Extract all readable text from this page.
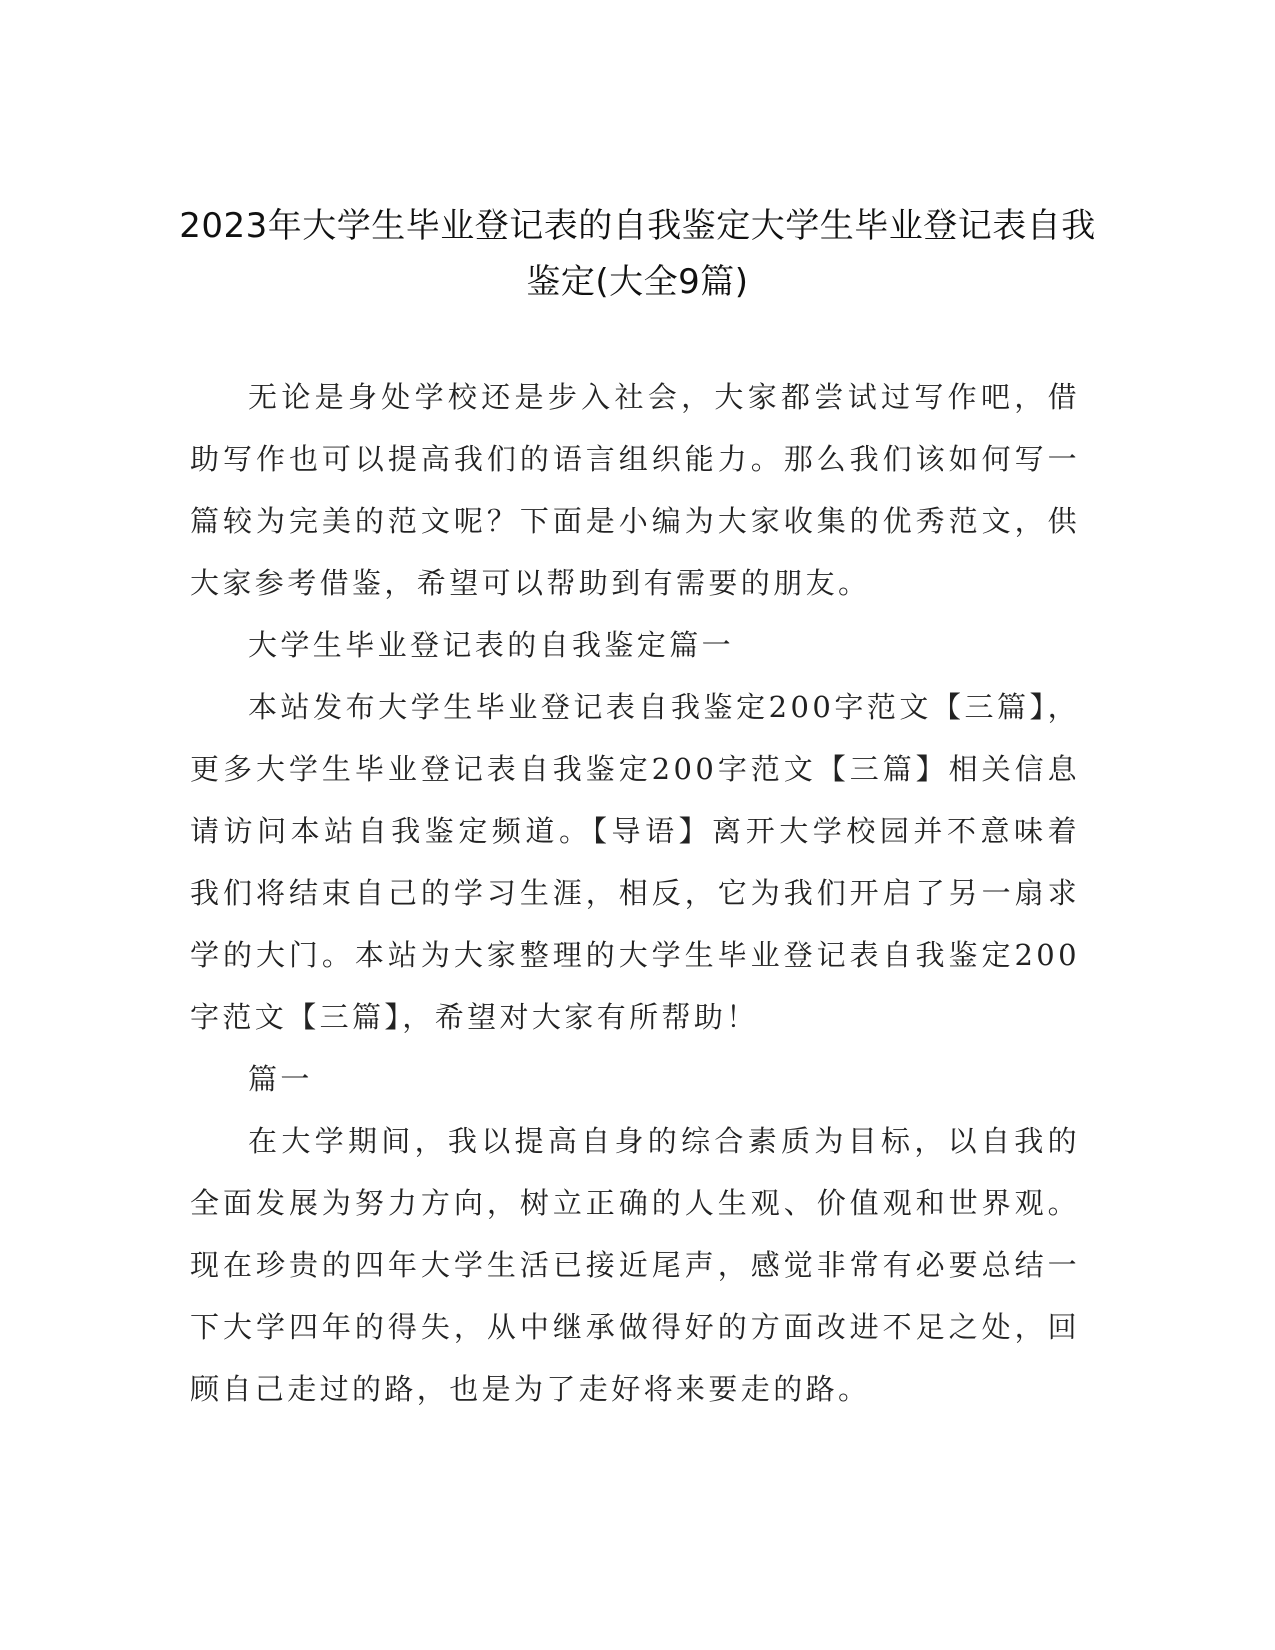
2023年大学生毕业登记表的自我鉴定大学生毕业登记表自我鉴定(大全9篇)

无论是身处学校还是步入社会，大家都尝试过写作吧，借助写作也可以提高我们的语言组织能力。那么我们该如何写一篇较为完美的范文呢？下面是小编为大家收集的优秀范文，供大家参考借鉴，希望可以帮助到有需要的朋友。

大学生毕业登记表的自我鉴定篇一

本站发布大学生毕业登记表自我鉴定200字范文【三篇】，更多大学生毕业登记表自我鉴定200字范文【三篇】相关信息请访问本站自我鉴定频道。【导语】离开大学校园并不意味着我们将结束自己的学习生涯，相反，它为我们开启了另一扇求学的大门。本站为大家整理的大学生毕业登记表自我鉴定200字范文【三篇】，希望对大家有所帮助！

篇一

在大学期间，我以提高自身的综合素质为目标，以自我的全面发展为努力方向，树立正确的人生观、价值观和世界观。现在珍贵的四年大学生活已接近尾声，感觉非常有必要总结一下大学四年的得失，从中继承做得好的方面改进不足之处，回顾自己走过的路，也是为了走好将来要走的路。
